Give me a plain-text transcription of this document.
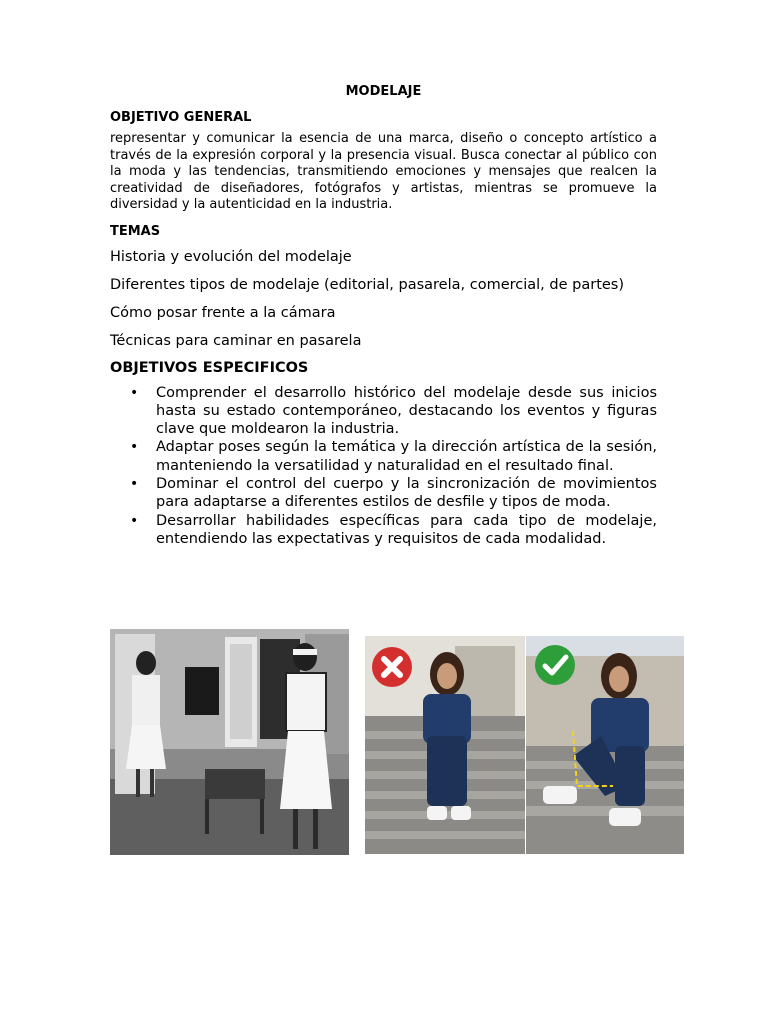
MODELAJE
OBJETIVO GENERAL
representar y comunicar la esencia de una marca, diseño o concepto artístico a través de la expresión corporal y la presencia visual. Busca conectar al público con la moda y las tendencias, transmitiendo emociones y mensajes que realcen la creatividad de diseñadores, fotógrafos y artistas, mientras se promueve la diversidad y la autenticidad en la industria.
TEMAS
Historia y evolución del modelaje
Diferentes tipos de modelaje (editorial, pasarela, comercial, de partes)
Cómo posar frente a la cámara
Técnicas para caminar en pasarela
OBJETIVOS ESPECIFICOS
• Comprender el desarrollo histórico del modelaje desde sus inicios hasta su estado contemporáneo, destacando los eventos y figuras clave que moldearon la industria.
• Adaptar poses según la temática y la dirección artística de la sesión, manteniendo la versatilidad y naturalidad en el resultado final.
• Dominar el control del cuerpo y la sincronización de movimientos para adaptarse a diferentes estilos de desfile y tipos de moda.
• Desarrollar habilidades específicas para cada tipo de modelaje, entendiendo las expectativas y requisitos de cada modalidad.
